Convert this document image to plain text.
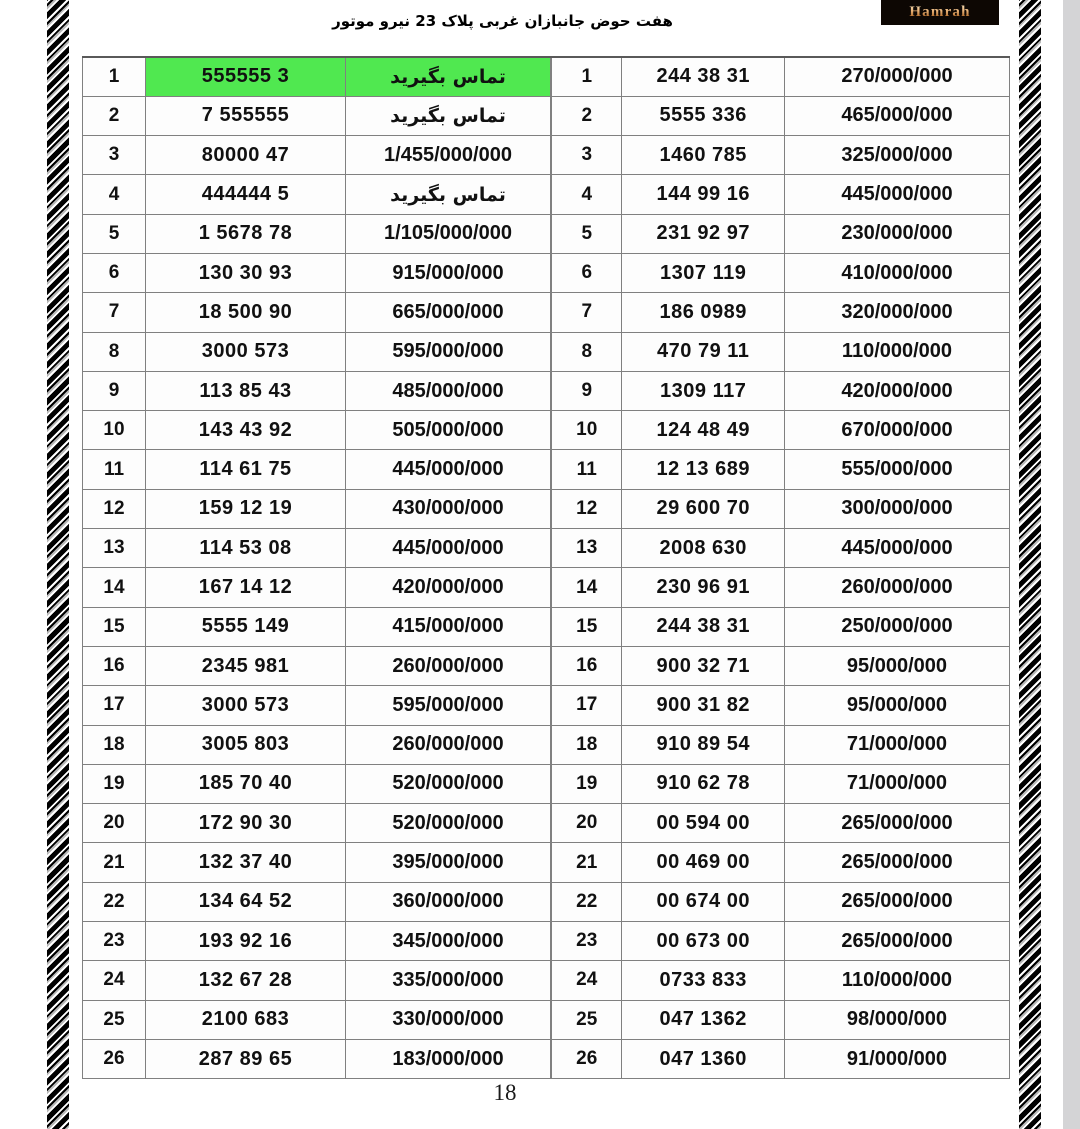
Hamrah
هفت حوض جانبازان غربی پلاک 23 نیرو موتور
1	555555 3	تماس بگیرید
2	7 555555	تماس بگیرید
3	80000 47	1/455/000/000
4	444444 5	تماس بگیرید
5	1 5678 78	1/105/000/000
6	130 30 93	915/000/000
7	18 500 90	665/000/000
8	3000 573	595/000/000
9	113 85 43	485/000/000
10	143 43 92	505/000/000
11	114 61 75	445/000/000
12	159 12 19	430/000/000
13	114 53 08	445/000/000
14	167 14 12	420/000/000
15	5555 149	415/000/000
16	2345 981	260/000/000
17	3000 573	595/000/000
18	3005 803	260/000/000
19	185 70 40	520/000/000
20	172 90 30	520/000/000
21	132 37 40	395/000/000
22	134 64 52	360/000/000
23	193 92 16	345/000/000
24	132 67 28	335/000/000
25	2100 683	330/000/000
26	287 89 65	183/000/000
1	244 38 31	270/000/000
2	5555 336	465/000/000
3	1460 785	325/000/000
4	144 99 16	445/000/000
5	231 92 97	230/000/000
6	1307 119	410/000/000
7	186 0989	320/000/000
8	470 79 11	110/000/000
9	1309 117	420/000/000
10	124 48 49	670/000/000
11	12 13 689	555/000/000
12	29 600 70	300/000/000
13	2008 630	445/000/000
14	230 96 91	260/000/000
15	244 38 31	250/000/000
16	900 32 71	95/000/000
17	900 31 82	95/000/000
18	910 89 54	71/000/000
19	910 62 78	71/000/000
20	00 594 00	265/000/000
21	00 469 00	265/000/000
22	00 674 00	265/000/000
23	00 673 00	265/000/000
24	0733 833	110/000/000
25	047 1362	98/000/000
26	047 1360	91/000/000
18
